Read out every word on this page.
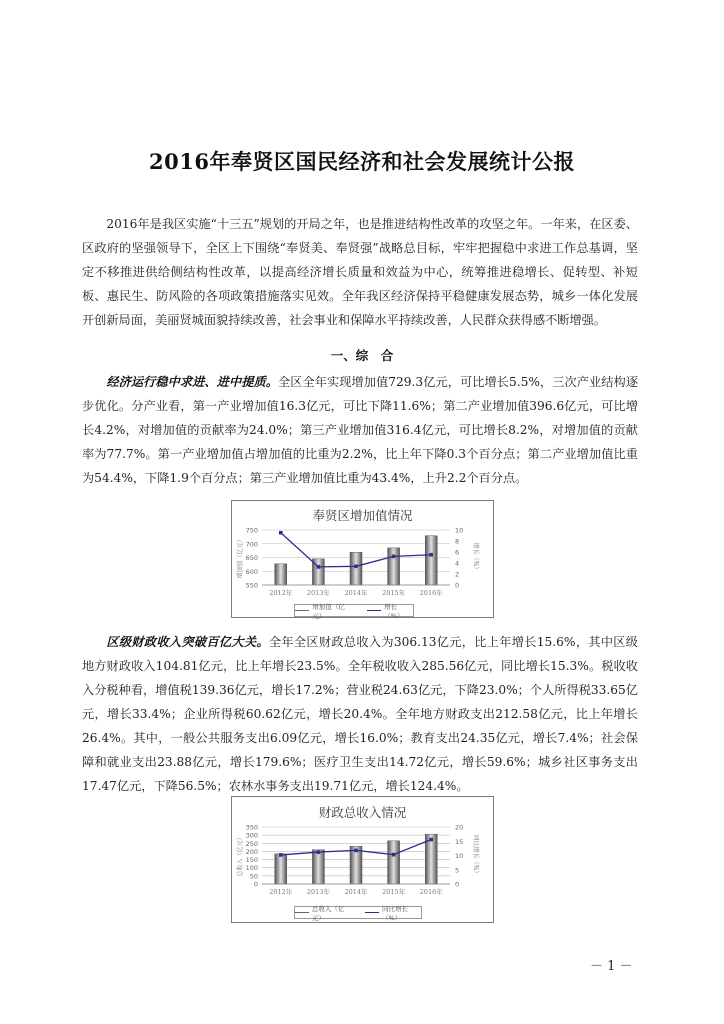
2016年奉贤区国民经济和社会发展统计公报
2016年是我区实施“十三五”规划的开局之年，也是推进结构性改革的攻坚之年。一年来，在区委、区政府的坚强领导下，全区上下围绕“奉贤美、奉贤强”战略总目标，牢牢把握稳中求进工作总基调，坚定不移推进供给侧结构性改革，以提高经济增长质量和效益为中心，统筹推进稳增长、促转型、补短板、惠民生、防风险的各项政策措施落实见效。全年我区经济保持平稳健康发展态势，城乡一体化发展开创新局面，美丽贤城面貌持续改善，社会事业和保障水平持续改善，人民群众获得感不断增强。
一、综　合
经济运行稳中求进、进中提质。全区全年实现增加值729.3亿元，可比增长5.5%，三次产业结构逐步优化。分产业看，第一产业增加值16.3亿元，可比下降11.6%；第二产业增加值396.6亿元，可比增长4.2%，对增加值的贡献率为24.0%；第三产业增加值316.4亿元，可比增长8.2%，对增加值的贡献率为77.7%。第一产业增加值占增加值的比重为2.2%，比上年下降0.3个百分点；第二产业增加值比重为54.4%，下降1.9个百分点；第三产业增加值比重为43.4%，上升2.2个百分点。
奉贤区增加值情况
550
600
650
700
750
0
2
4
6
8
10
增加值（亿元）	增长（%）
2012年 2013年 2014年 2015年 2016年
增加值（亿元）
增长（%）
区级财政收入突破百亿大关。全年全区财政总收入为306.13亿元，比上年增长15.6%，其中区级地方财政收入104.81亿元，比上年增长23.5%。全年税收收入285.56亿元，同比增长15.3%。税收收入分税种看，增值税139.36亿元，增长17.2%；营业税24.63亿元，下降23.0%；个人所得税33.65亿元，增长33.4%；企业所得税60.62亿元，增长20.4%。全年地方财政支出212.58亿元，比上年增长26.4%。其中，一般公共服务支出6.09亿元，增长16.0%；教育支出24.35亿元，增长7.4%；社会保障和就业支出23.88亿元，增长179.6%；医疗卫生支出14.72亿元，增长59.6%；城乡社区事务支出17.47亿元，下降56.5%；农林水事务支出19.71亿元，增长124.4%。
财政总收入情况
0
50
100
150
200
250
300
350
0
5
10
15
20
总收入（亿元）	同比增长（%）
2012年 2013年 2014年 2015年 2016年
总收入（亿元）
同比增长（%）
－ 1 －
